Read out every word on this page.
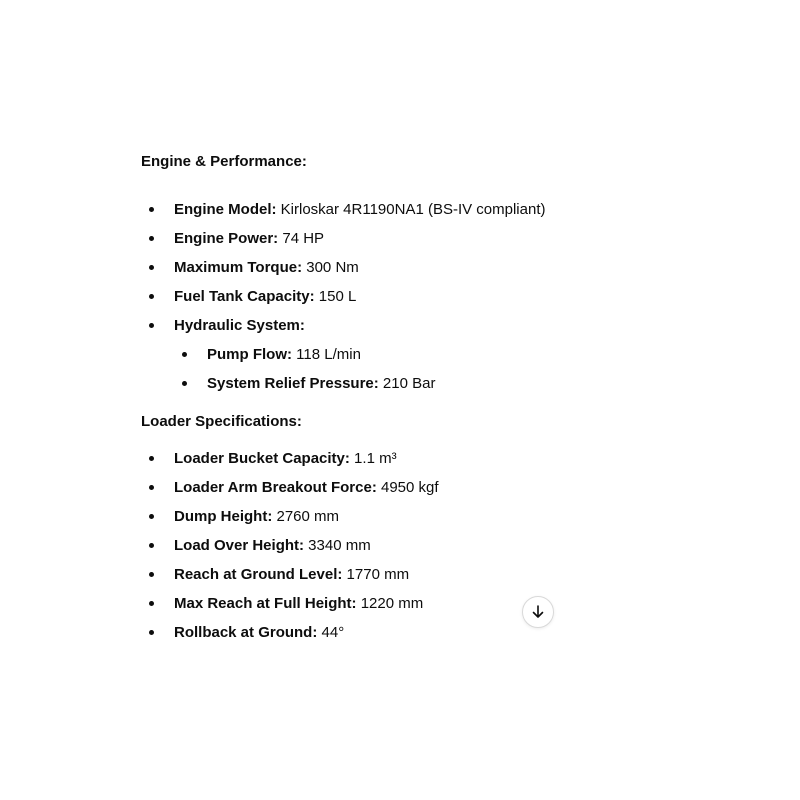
Engine & Performance:
Engine Model: Kirloskar 4R1190NA1 (BS-IV compliant)
Engine Power: 74 HP
Maximum Torque: 300 Nm
Fuel Tank Capacity: 150 L
Hydraulic System:
Pump Flow: 118 L/min
System Relief Pressure: 210 Bar
Loader Specifications:
Loader Bucket Capacity: 1.1 m³
Loader Arm Breakout Force: 4950 kgf
Dump Height: 2760 mm
Load Over Height: 3340 mm
Reach at Ground Level: 1770 mm
Max Reach at Full Height: 1220 mm
Rollback at Ground: 44°
